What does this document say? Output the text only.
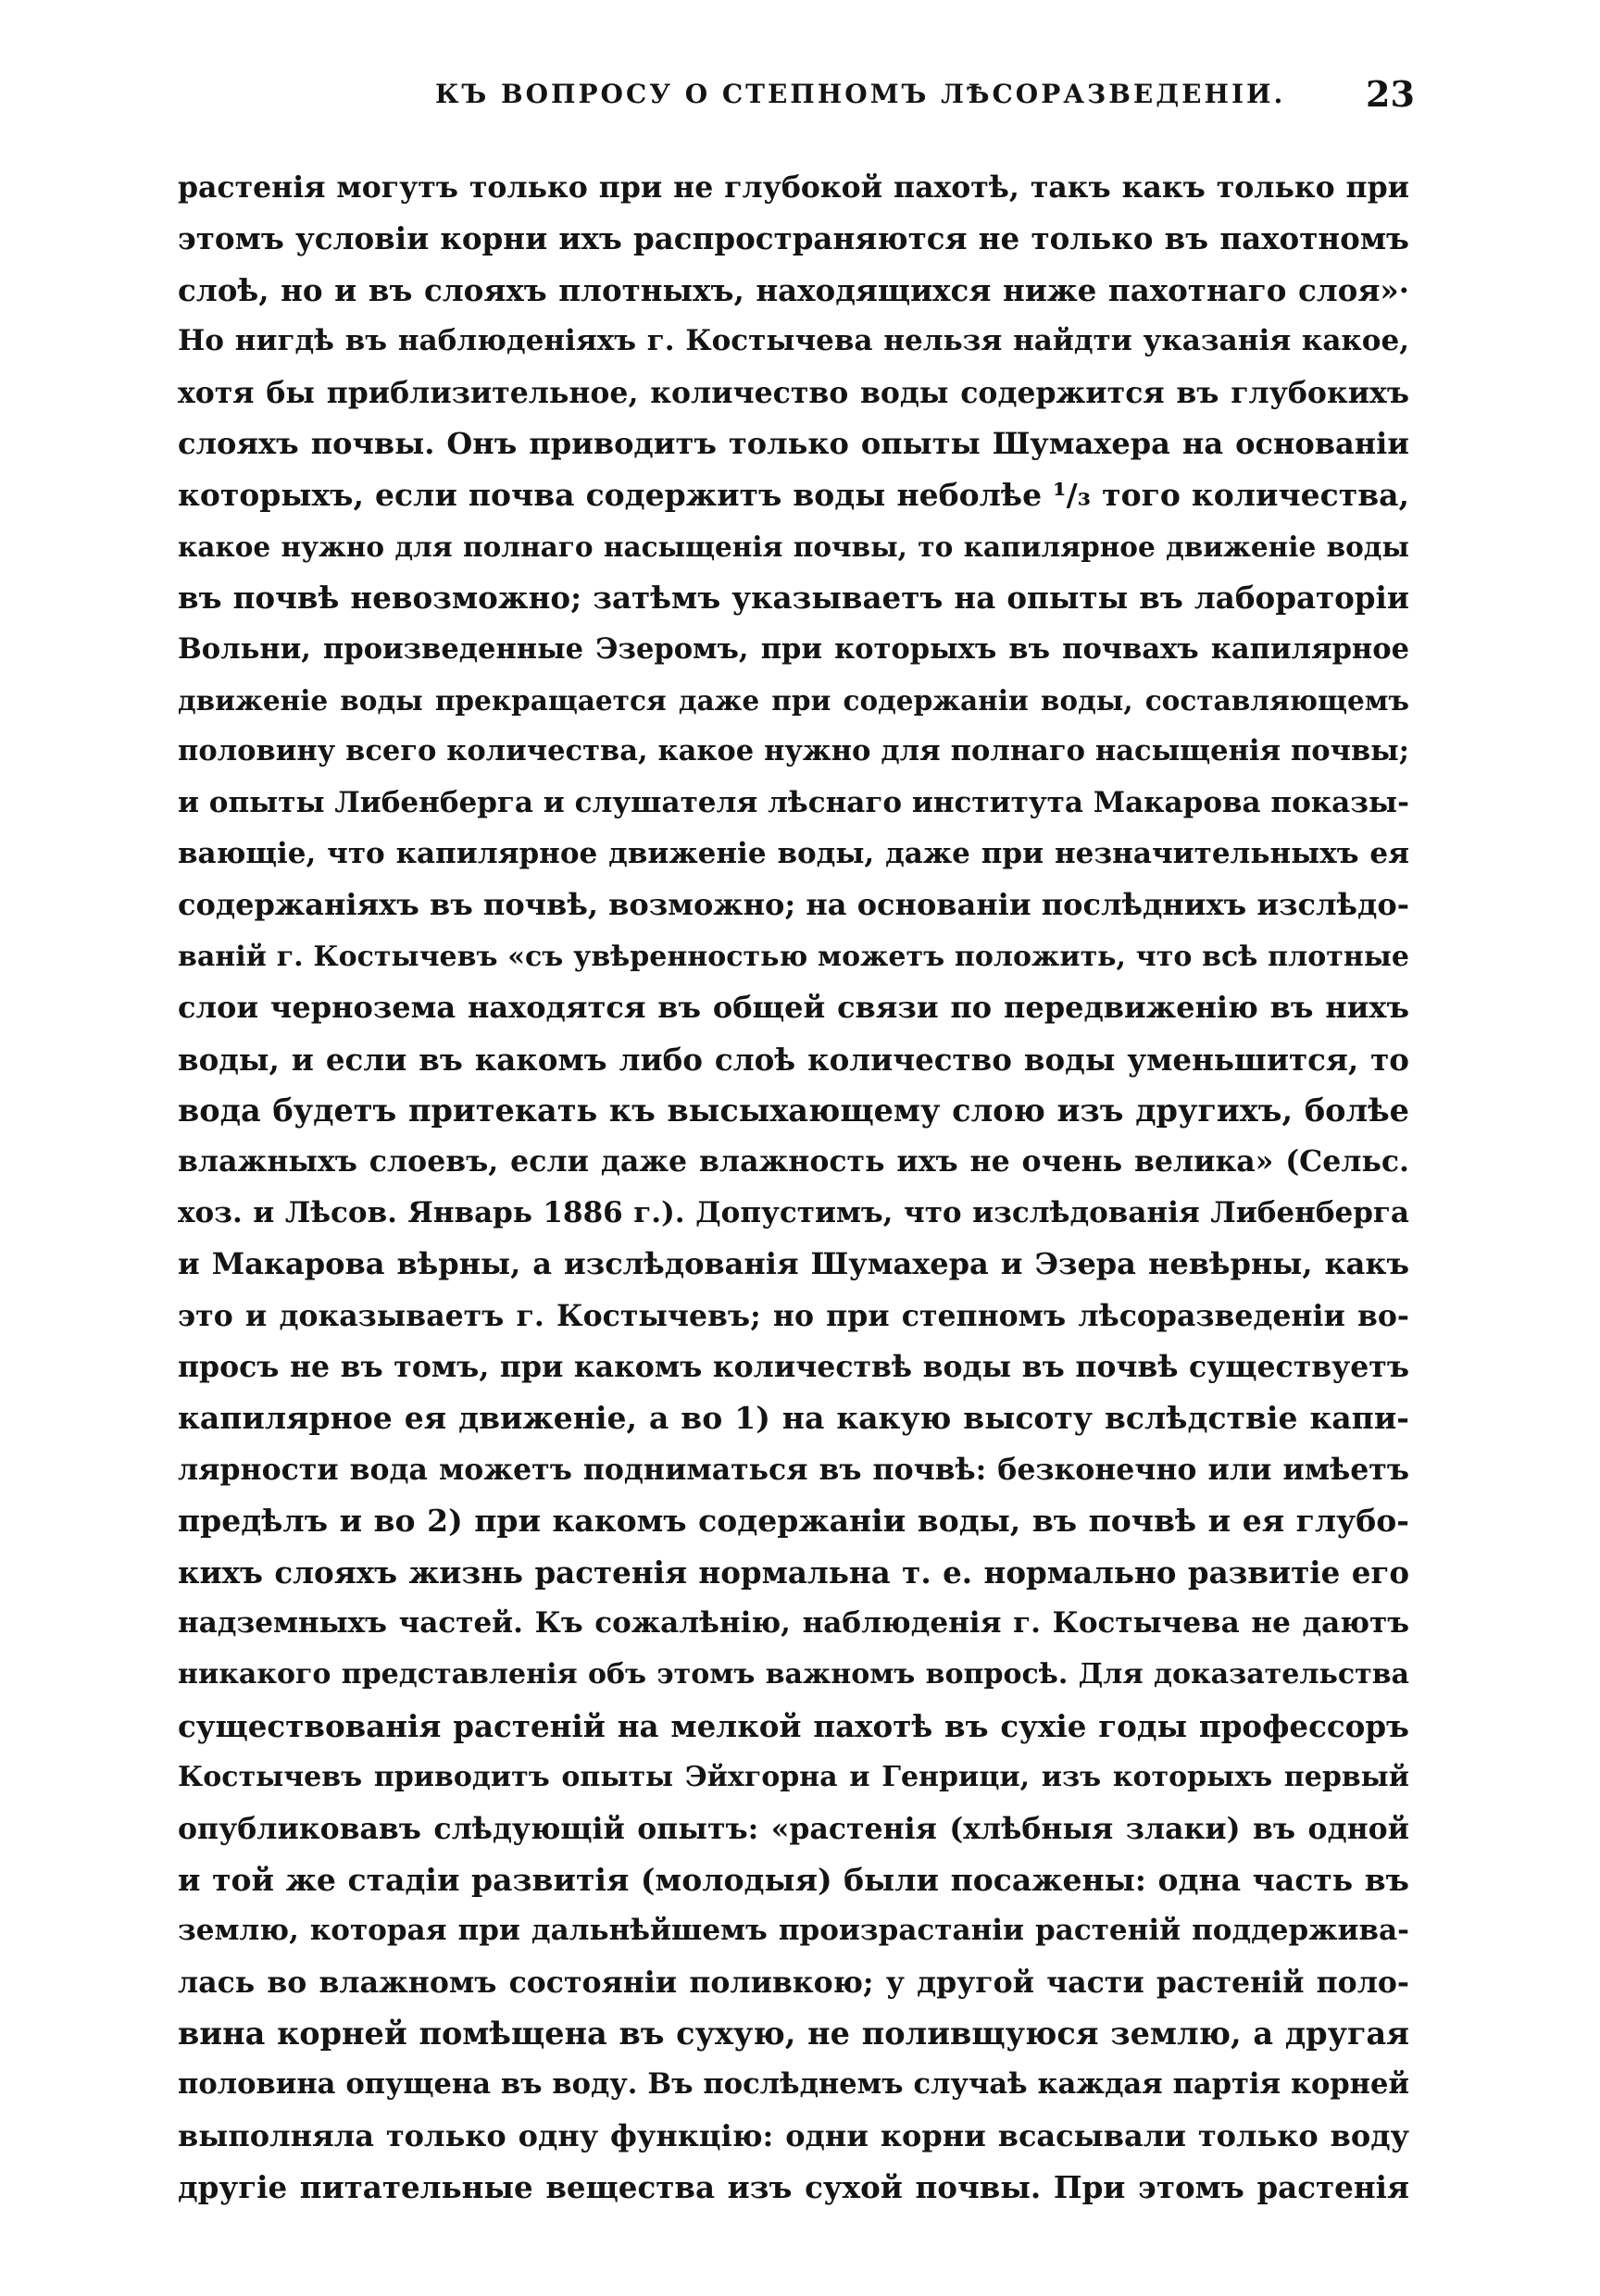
КЪ ВОПРОСУ О СТЕПНОМЪ ЛѢСОРАЗВЕДЕНІИ. 23
растенія могутъ только при не глубокой пахотѣ, такъ какъ только при
этомъ условіи корни ихъ распространяются не только въ пахотномъ
слоѣ, но и въ слояхъ плотныхъ, находящихся ниже пахотнаго слоя»·
Но нигдѣ въ наблюденіяхъ г. Костычева нельзя найдти указанія какое,
хотя бы приблизительное, количество воды содержится въ глубокихъ
слояхъ почвы. Онъ приводитъ только опыты Шумахера на основаніи
которыхъ, если почва содержитъ воды неболѣе ¹/₃ того количества,
какое нужно для полнаго насыщенія почвы, то капилярное движеніе воды
въ почвѣ невозможно; затѣмъ указываетъ на опыты въ лабораторіи
Вольни, произведенные Эзеромъ, при которыхъ въ почвахъ капилярное
движеніе воды прекращается даже при содержаніи воды, составляющемъ
половину всего количества, какое нужно для полнаго насыщенія почвы;
и опыты Либенберга и слушателя лѣснаго института Макарова показы-
вающіе, что капилярное движеніе воды, даже при незначительныхъ ея
содержаніяхъ въ почвѣ, возможно; на основаніи послѣднихъ изслѣдо-
ваній г. Костычевъ «съ увѣренностью можетъ положить, что всѣ плотные
слои чернозема находятся въ общей связи по передвиженію въ нихъ
воды, и если въ какомъ либо слоѣ количество воды уменьшится, то
вода будетъ притекать къ высыхающему слою изъ другихъ, болѣе
влажныхъ слоевъ, если даже влажность ихъ не очень велика» (Сельс.
хоз. и Лѣсов. Январь 1886 г.). Допустимъ, что изслѣдованія Либенберга
и Макарова вѣрны, а изслѣдованія Шумахера и Эзера невѣрны, какъ
это и доказываетъ г. Костычевъ; но при степномъ лѣсоразведеніи во-
просъ не въ томъ, при какомъ количествѣ воды въ почвѣ существуетъ
капилярное ея движеніе, а во 1) на какую высоту вслѣдствіе капи-
лярности вода можетъ подниматься въ почвѣ: безконечно или имѣетъ
предѣлъ и во 2) при какомъ содержаніи воды, въ почвѣ и ея глубо-
кихъ слояхъ жизнь растенія нормальна т. е. нормально развитіе его
надземныхъ частей. Къ сожалѣнію, наблюденія г. Костычева не даютъ
никакого представленія объ этомъ важномъ вопросѣ. Для доказательства
существованія растеній на мелкой пахотѣ въ сухіе годы профессоръ
Костычевъ приводитъ опыты Эйхгорна и Генрици, изъ которыхъ первый
опубликовавъ слѣдующій опытъ: «растенія (хлѣбныя злаки) въ одной
и той же стадіи развитія (молодыя) были посажены: одна часть въ
землю, которая при дальнѣйшемъ произрастаніи растеній поддержива-
лась во влажномъ состояніи поливкою; у другой части растеній поло-
вина корней помѣщена въ сухую, не поливщуюся землю, а другая
половина опущена въ воду. Въ послѣднемъ случаѣ каждая партія корней
выполняла только одну функцію: одни корни всасывали только воду
другіе питательные вещества изъ сухой почвы. При этомъ растенія
